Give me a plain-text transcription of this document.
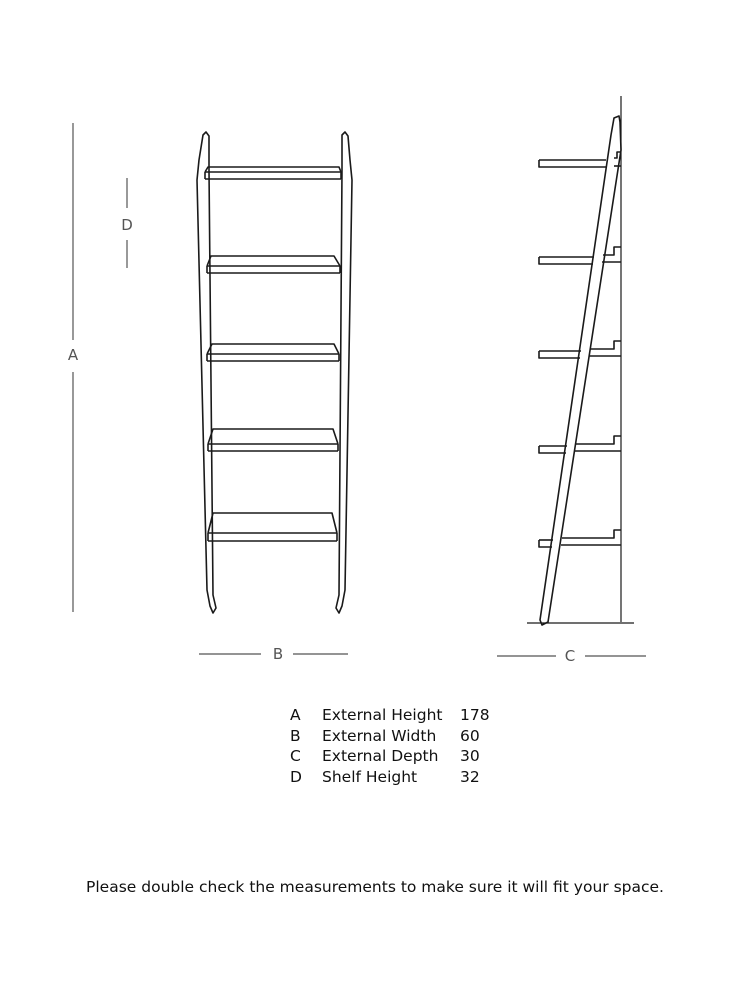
A
D
B	C
A	External Height	178
B	External Width	60
C	External Depth	30
D	Shelf Height	32
Please double check the measurements to make sure it will fit your space.
